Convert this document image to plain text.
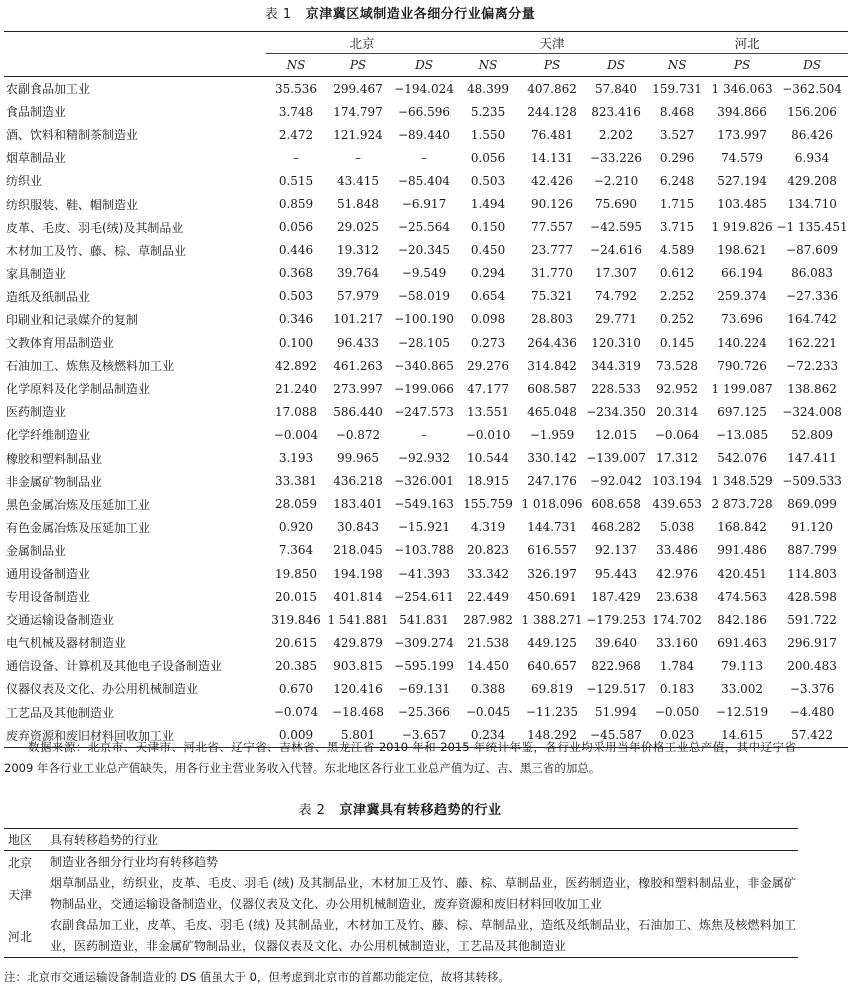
表 1 京津冀区域制造业各细分行业偏离分量
	北京			天津			河北		
	NS	PS	DS	NS	PS	DS	NS	PS	DS
农副食品加工业	35.536	299.467	−194.024	48.399	407.862	57.840	159.731	1 346.063	−362.504
食品制造业	3.748	174.797	−66.596	5.235	244.128	823.416	8.468	394.866	156.206
酒、饮料和精制茶制造业	2.472	121.924	−89.440	1.550	76.481	2.202	3.527	173.997	86.426
烟草制品业	–	–	–	0.056	14.131	−33.226	0.296	74.579	6.934
纺织业	0.515	43.415	−85.404	0.503	42.426	−2.210	6.248	527.194	429.208
纺织服装、鞋、帽制造业	0.859	51.848	−6.917	1.494	90.126	75.690	1.715	103.485	134.710
皮革、毛皮、羽毛(绒)及其制品业	0.056	29.025	−25.564	0.150	77.557	−42.595	3.715	1 919.826	−1 135.451
木材加工及竹、藤、棕、草制品业	0.446	19.312	−20.345	0.450	23.777	−24.616	4.589	198.621	−87.609
家具制造业	0.368	39.764	−9.549	0.294	31.770	17.307	0.612	66.194	86.083
造纸及纸制品业	0.503	57.979	−58.019	0.654	75.321	74.792	2.252	259.374	−27.336
印刷业和记录媒介的复制	0.346	101.217	−100.190	0.098	28.803	29.771	0.252	73.696	164.742
文教体育用品制造业	0.100	96.433	−28.105	0.273	264.436	120.310	0.145	140.224	162.221
石油加工、炼焦及核燃料加工业	42.892	461.263	−340.865	29.276	314.842	344.319	73.528	790.726	−72.233
化学原料及化学制品制造业	21.240	273.997	−199.066	47.177	608.587	228.533	92.952	1 199.087	138.862
医药制造业	17.088	586.440	−247.573	13.551	465.048	−234.350	20.314	697.125	−324.008
化学纤维制造业	−0.004	−0.872	–	−0.010	−1.959	12.015	−0.064	−13.085	52.809
橡胶和塑料制品业	3.193	99.965	−92.932	10.544	330.142	−139.007	17.312	542.076	147.411
非金属矿物制品业	33.381	436.218	−326.001	18.915	247.176	−92.042	103.194	1 348.529	−509.533
黑色金属冶炼及压延加工业	28.059	183.401	−549.163	155.759	1 018.096	608.658	439.653	2 873.728	869.099
有色金属冶炼及压延加工业	0.920	30.843	−15.921	4.319	144.731	468.282	5.038	168.842	91.120
金属制品业	7.364	218.045	−103.788	20.823	616.557	92.137	33.486	991.486	887.799
通用设备制造业	19.850	194.198	−41.393	33.342	326.197	95.443	42.976	420.451	114.803
专用设备制造业	20.015	401.814	−254.611	22.449	450.691	187.429	23.638	474.563	428.598
交通运输设备制造业	319.846	1 541.881	541.831	287.982	1 388.271	−179.253	174.702	842.186	591.722
电气机械及器材制造业	20.615	429.879	−309.274	21.538	449.125	39.640	33.160	691.463	296.917
通信设备、计算机及其他电子设备制造业	20.385	903.815	−595.199	14.450	640.657	822.968	1.784	79.113	200.483
仪器仪表及文化、办公用机械制造业	0.670	120.416	−69.131	0.388	69.819	−129.517	0.183	33.002	−3.376
工艺品及其他制造业	−0.074	−18.468	−25.366	−0.045	−11.235	51.994	−0.050	−12.519	−4.480
废弃资源和废旧材料回收加工业	0.009	5.801	−3.657	0.234	148.292	−45.587	0.023	14.615	57.422
数据来源：北京市、天津市、河北省、辽宁省、吉林省、黑龙江省 2010 年和 2015 年统计年鉴，各行业均采用当年价格工业总产值，其中辽宁省 2009 年各行业工业总产值缺失，用各行业主营业务收入代替。东北地区各行业工业总产值为辽、吉、黑三省的加总。
表 2 京津冀具有转移趋势的行业
地区	具有转移趋势的行业
北京	制造业各细分行业均有转移趋势
天津	烟草制品业，纺织业，皮革、毛皮、羽毛 (绒) 及其制品业，木材加工及竹、藤、棕、草制品业，医药制造业，橡胶和塑料制品业，非金属矿物制品业，交通运输设备制造业，仪器仪表及文化、办公用机械制造业，废弃资源和废旧材料回收加工业
河北	农副食品加工业，皮革、毛皮、羽毛 (绒) 及其制品业，木材加工及竹、藤、棕、草制品业，造纸及纸制品业，石油加工、炼焦及核燃料加工业，医药制造业，非金属矿物制品业，仪器仪表及文化、办公用机械制造业，工艺品及其他制造业
注：北京市交通运输设备制造业的 DS 值虽大于 0，但考虑到北京市的首都功能定位，故将其转移。
